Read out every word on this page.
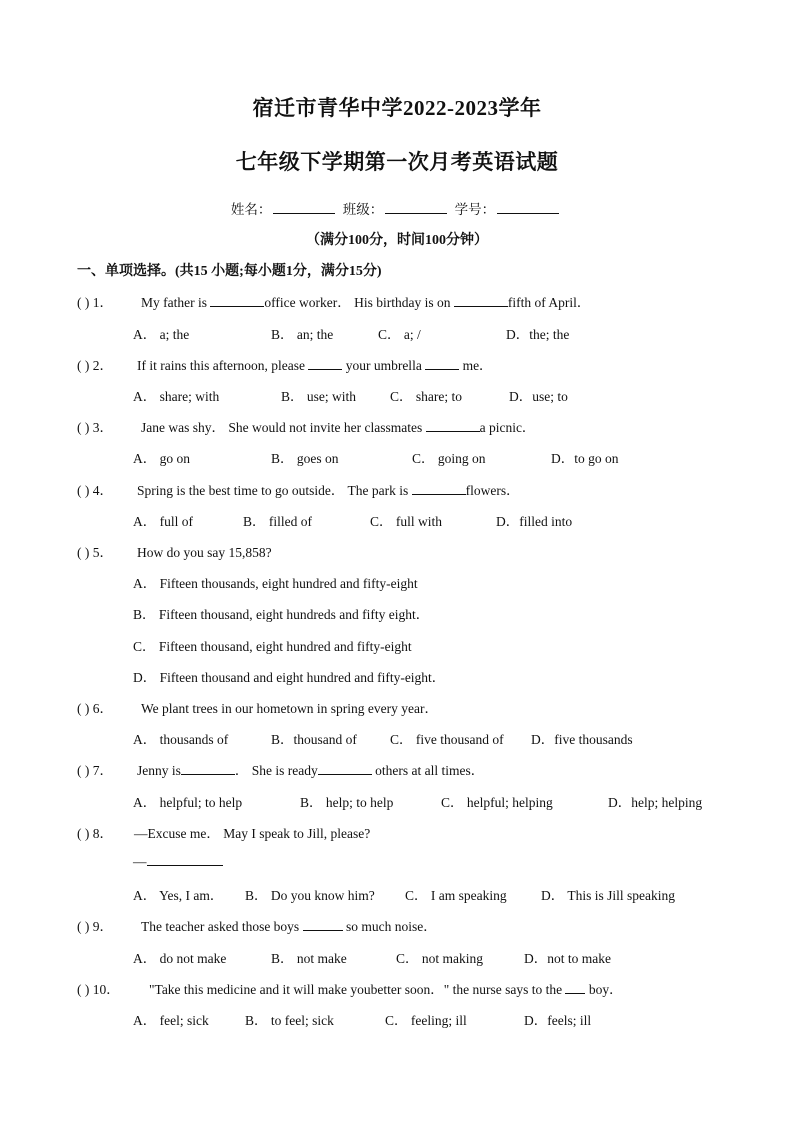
宿迁市青华中学2022-2023学年
七年级下学期第一次月考英语试题
姓名：	班级：	学号：
（满分100分，时间100分钟）
一、单项选择。(共15 小题;每小题1分，满分15分)
( ) 1． My father is	office worker． His birthday is on	fifth of April．
A． a; the	B． an; the	C． a; /	D．the; the
( ) 2． If it rains this afternoon, please	your umbrella	me．
A． share; with	B． use; with	C． share; to	D．use; to
( ) 3． Jane was shy． She would not invite her classmates	a picnic．
A． go on	B． goes on	C． going on	D．to go on
( ) 4． Spring is the best time to go outside． The park is	flowers．
A． full of	B． filled of	C． full with	D．filled into
( ) 5． How do you say 15,858?
A． Fifteen thousands, eight hundred and fifty-eight
B． Fifteen thousand, eight hundreds and fifty eight．
C． Fifteen thousand, eight hundred and fifty-eight
D． Fifteen thousand and eight hundred and fifty-eight．
( ) 6． We plant trees in our hometown in spring every year．
A． thousands of	B．thousand of C． five thousand of D．five thousands
( ) 7． Jenny is	． She is ready	others at all times．
A． helpful; to help	B． help; to help	C． helpful; helping	D．help; helping
( ) 8． —Excuse me． May I speak to Jill, please?
—
A． Yes, I am． B． Do you know him? C． I am speaking	D． This is Jill speaking
( ) 9． The teacher asked those boys	so much noise．
A． do not make	B． not make	C． not making	D．not to make
( ) 10． "Take this medicine and it will make youbetter soon．" the nurse says to the  boy．
A． feel; sick	B． to feel; sick	C． feeling; ill	D．feels; ill
